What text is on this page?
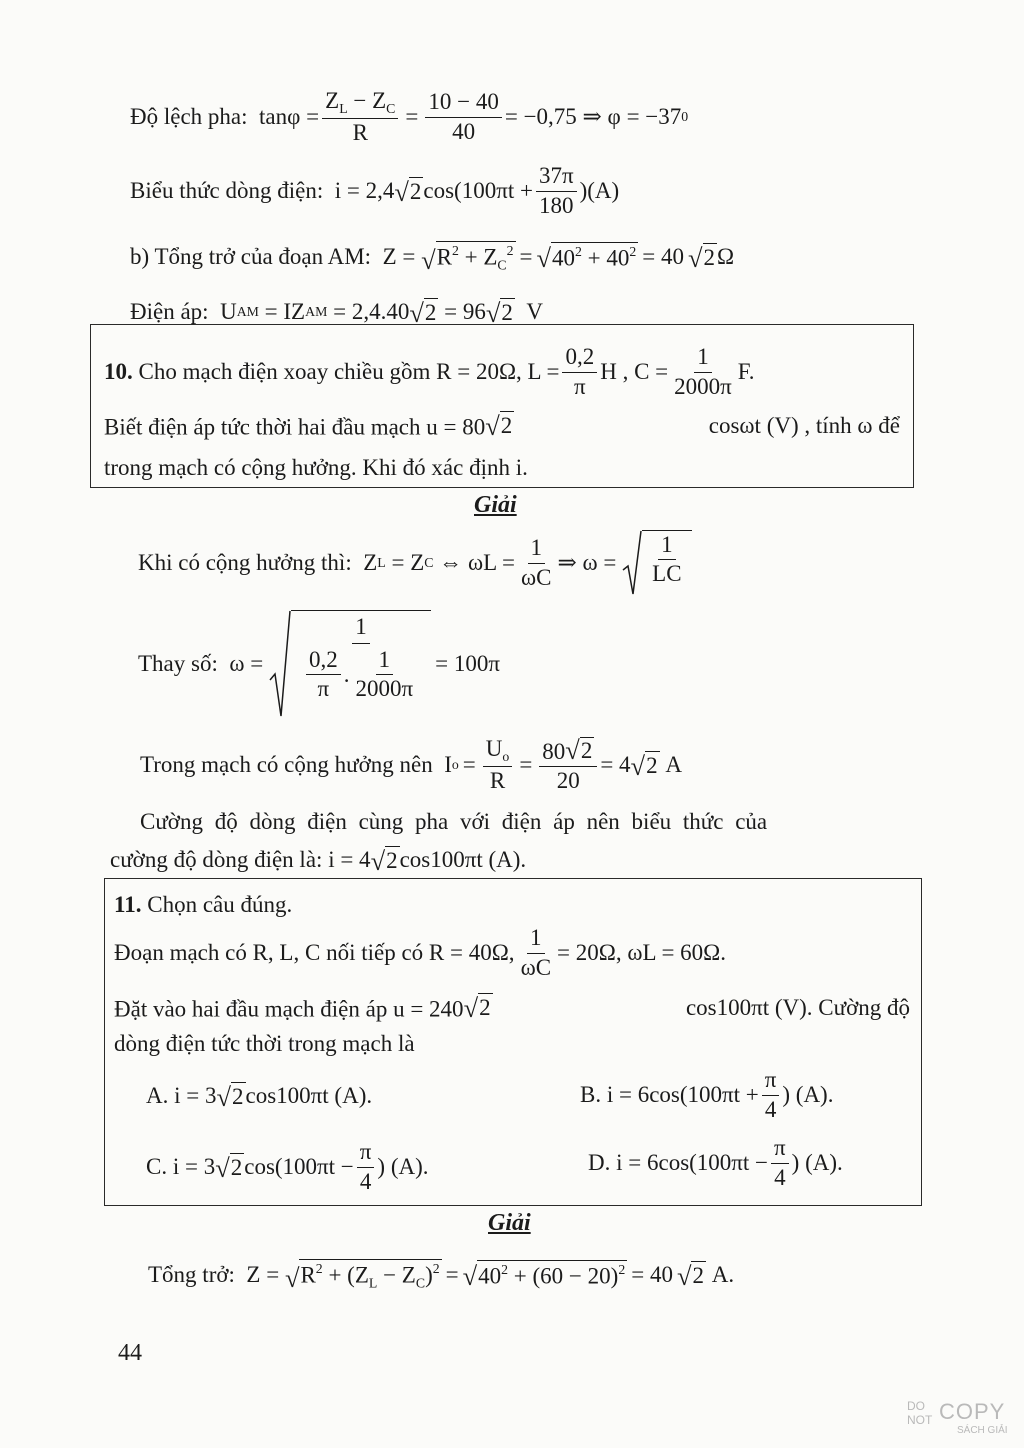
Độ lệch pha:
$\tan\varphi = \frac{Z_L - Z_C}{R} = \frac{10 - 40}{40} = -0,75$ ⇒ φ = −37 0
Biểu thức dòng điện:
i = 2,4 √ 2 $\cos(100\pi t + \frac{37\pi}{180} )(A)$
b) Tổng trở của đoạn AM:
Z =
√ $R^2 + Z_C^2$ = √ $40^2 + 40^2 = 40$ √ 2 Ω
Điện áp:
U AM
= IZ AM
= 2,4.40 √ 2
= 96 √ 2
V
10.
Cho mạch điện xoay chiều gồm R = 20Ω, $L = \frac{0,2}{\pi}$ H , $C = \frac{1}{2000\pi} F$.
Biết điện áp tức thời hai đầu mạch u = 80 √ 2	cosωt (V) , tính ω để
trong mạch có cộng hưởng. Khi đó xác định i.
Giải
Khi có cộng hưởng thì:
Z L
= Z C
⇔ $\omega L = \frac{1}{\omega C}$ ⇒ ω =
$\frac{1}{LC}$
Thay số:
ω =
$\frac{1}{\frac{0,2}{\pi} . \frac{1}{2000\pi}} = 100\pi$
Trong mạch có cộng hưởng nên
I $o = \frac{U_o}{R} = \frac{80 √ 2}{20} = 4$ √ 2
A
Cường độ dòng điện cùng pha với điện áp nên biểu thức của
cường độ dòng điện là:
i = 4 √ 2 cos100πt (A).
11.
Chọn câu đúng.
Đoạn mạch có R, L, C nối tiếp có R = 40Ω, $\frac{1}{\omega C} = 20\Omega$, ωL = 60Ω.
Đặt vào hai đầu mạch điện áp u = 240 √ 2	cos100πt (V). Cường độ
dòng điện tức thời trong mạch là
A.
i = 3 √ 2 cos100πt (A).	B.
$i = 6\cos(100\pi t + \frac{\pi}{4}$ ) (A).
C.
i = 3 √ 2 $\cos(100\pi t - \frac{\pi}{4}$ ) (A).	D.
$i = 6\cos(100\pi t - \frac{\pi}{4}$ ) (A).
Giải
Tổng trở:
Z =
√ $R^2 + (Z_L - Z_C)^2$ = √ $40^2 + (60 - 20)^2 = 40$ √ 2
A.
44
DO
NOT COPY
SÁCH GIẢI
